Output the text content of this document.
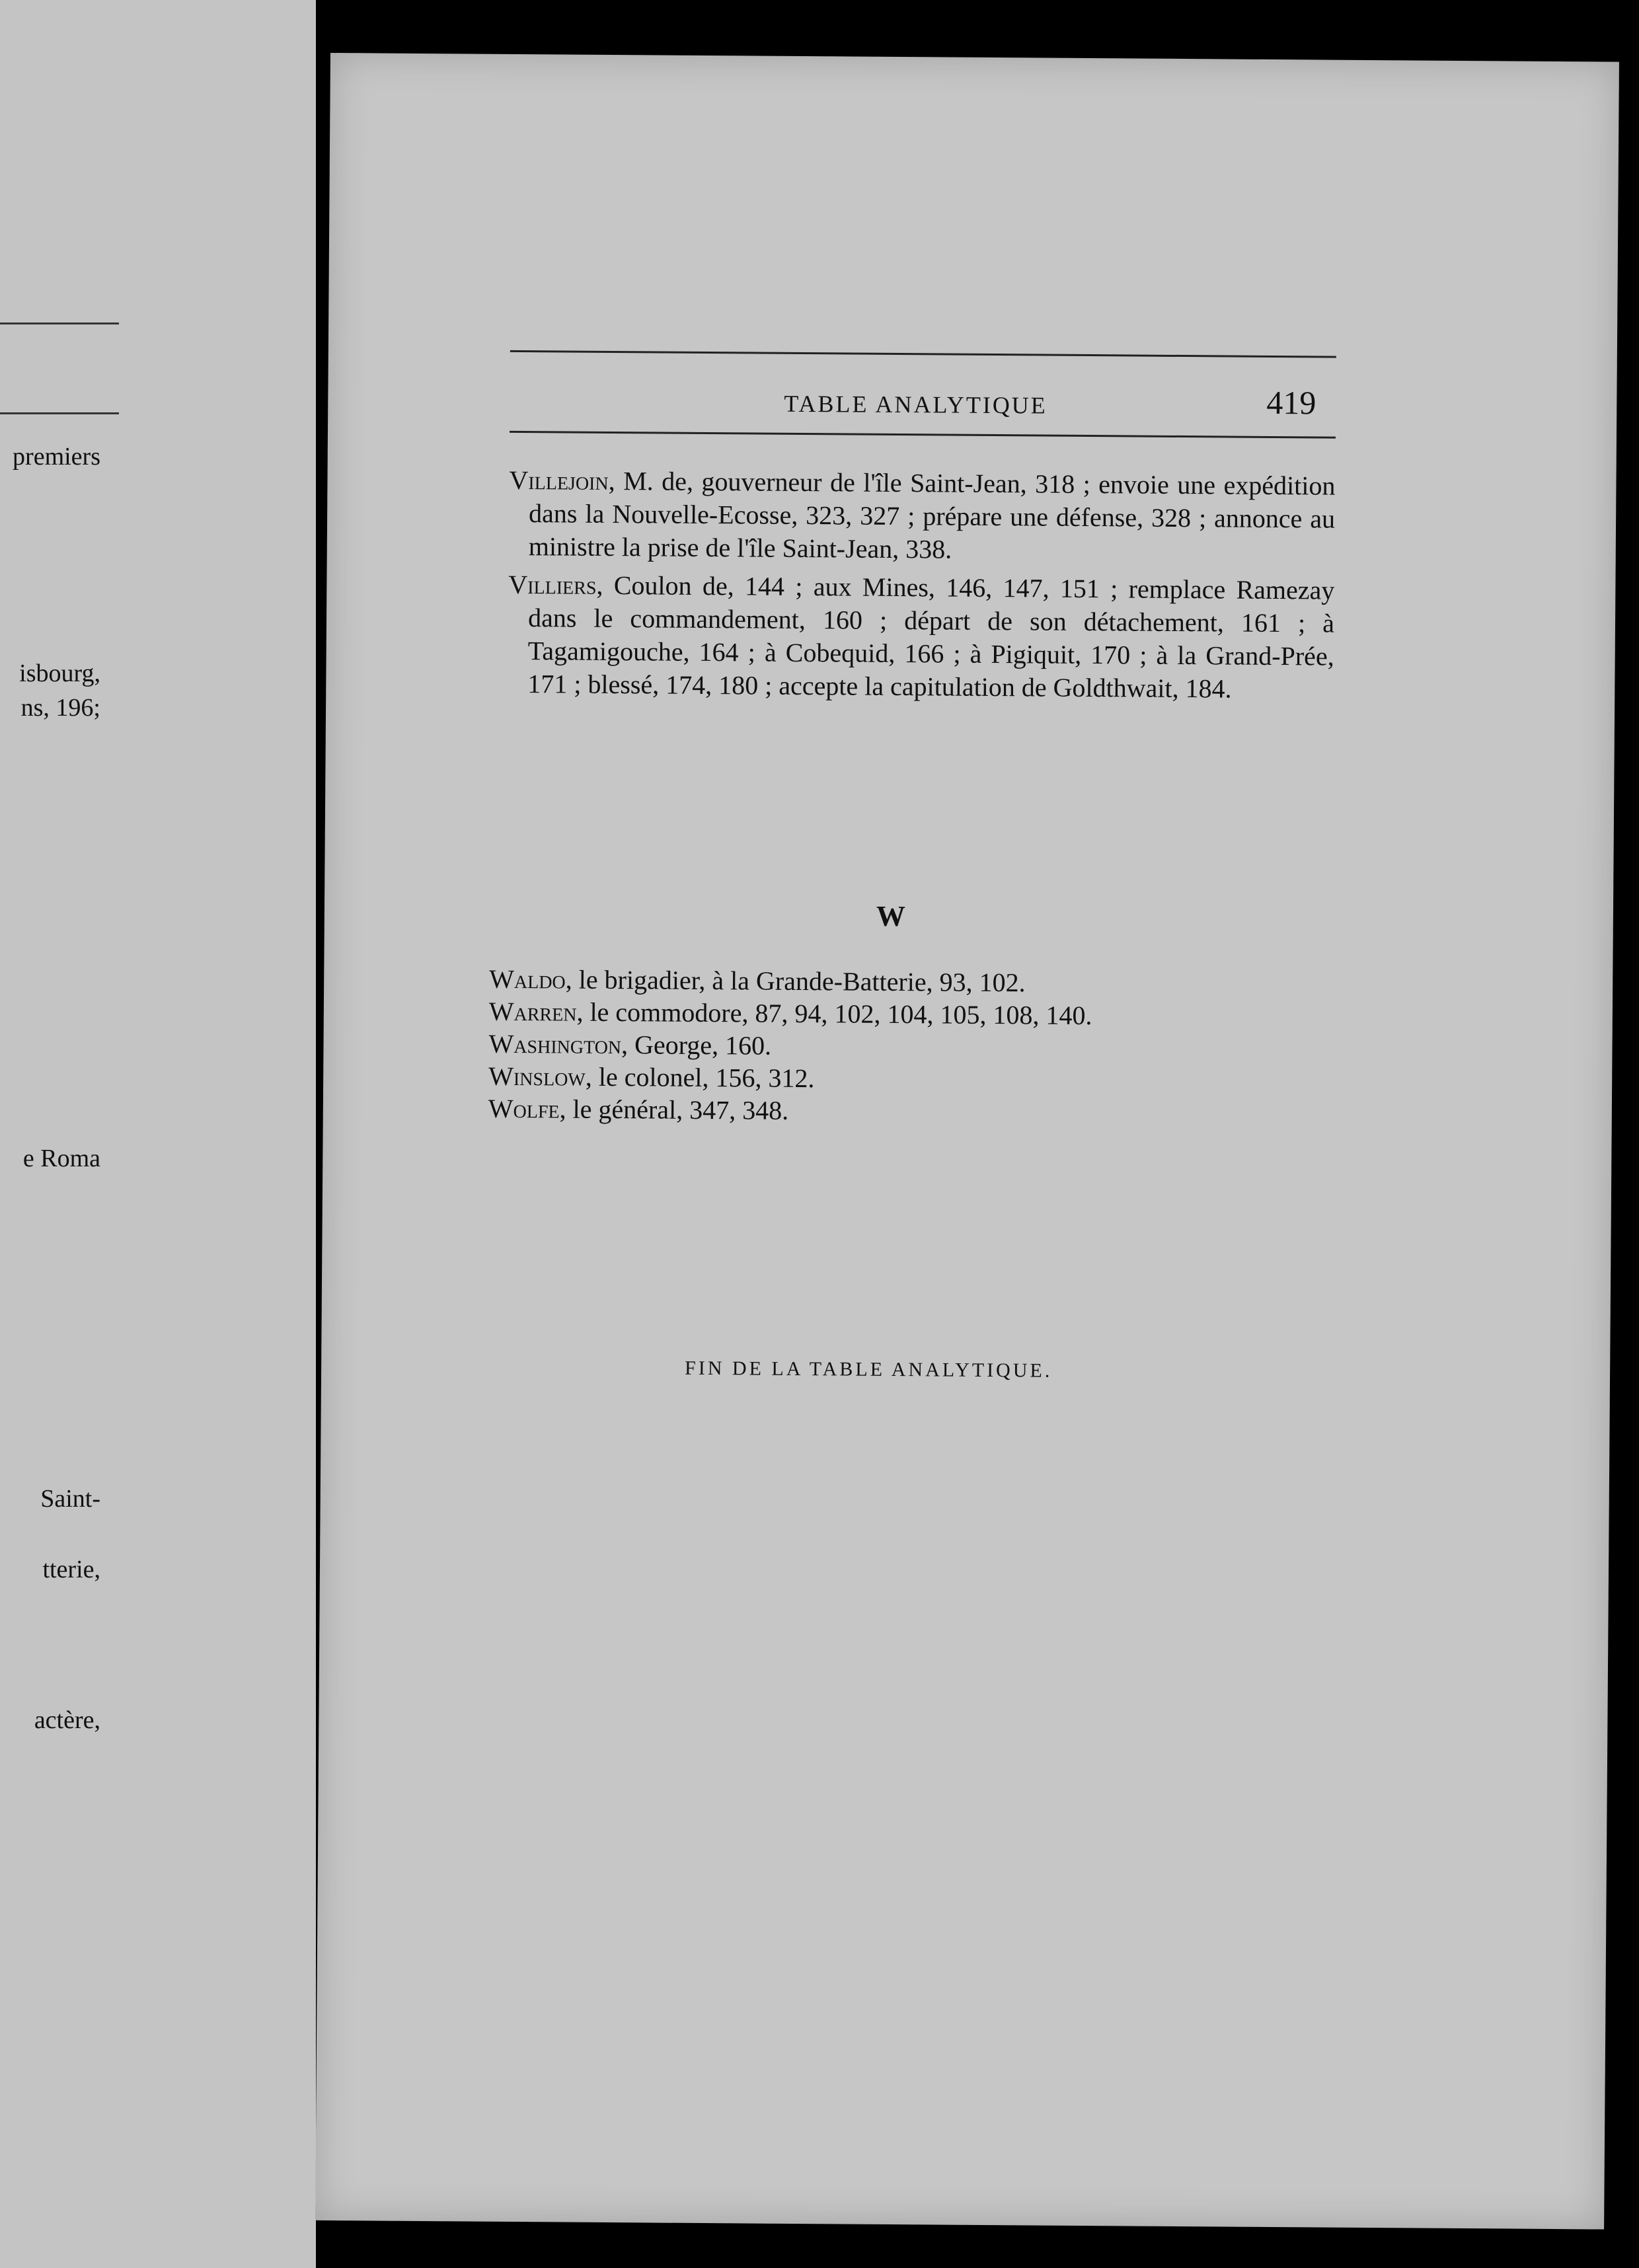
premiers
isbourg,
ns, 196;
e Roma
Saint-
tterie,
actère,
TABLE ANALYTIQUE	419

Villejoin, M. de, gouverneur de l'île Saint-Jean, 318 ; envoie une expédition dans la Nouvelle-Ecosse, 323, 327 ; prépare une défense, 328 ; annonce au ministre la prise de l'île Saint-Jean, 338.

Villiers, Coulon de, 144 ; aux Mines, 146, 147, 151 ; remplace Ramezay dans le commandement, 160 ; départ de son détachement, 161 ; à Tagamigouche, 164 ; à Cobequid, 166 ; à Pigiquit, 170 ; à la Grand-Prée, 171 ; blessé, 174, 180 ; accepte la capitulation de Goldthwait, 184.

W

Waldo, le brigadier, à la Grande-Batterie, 93, 102.

Warren, le commodore, 87, 94, 102, 104, 105, 108, 140.

Washington, George, 160.

Winslow, le colonel, 156, 312.

Wolfe, le général, 347, 348.

FIN DE LA TABLE ANALYTIQUE.
